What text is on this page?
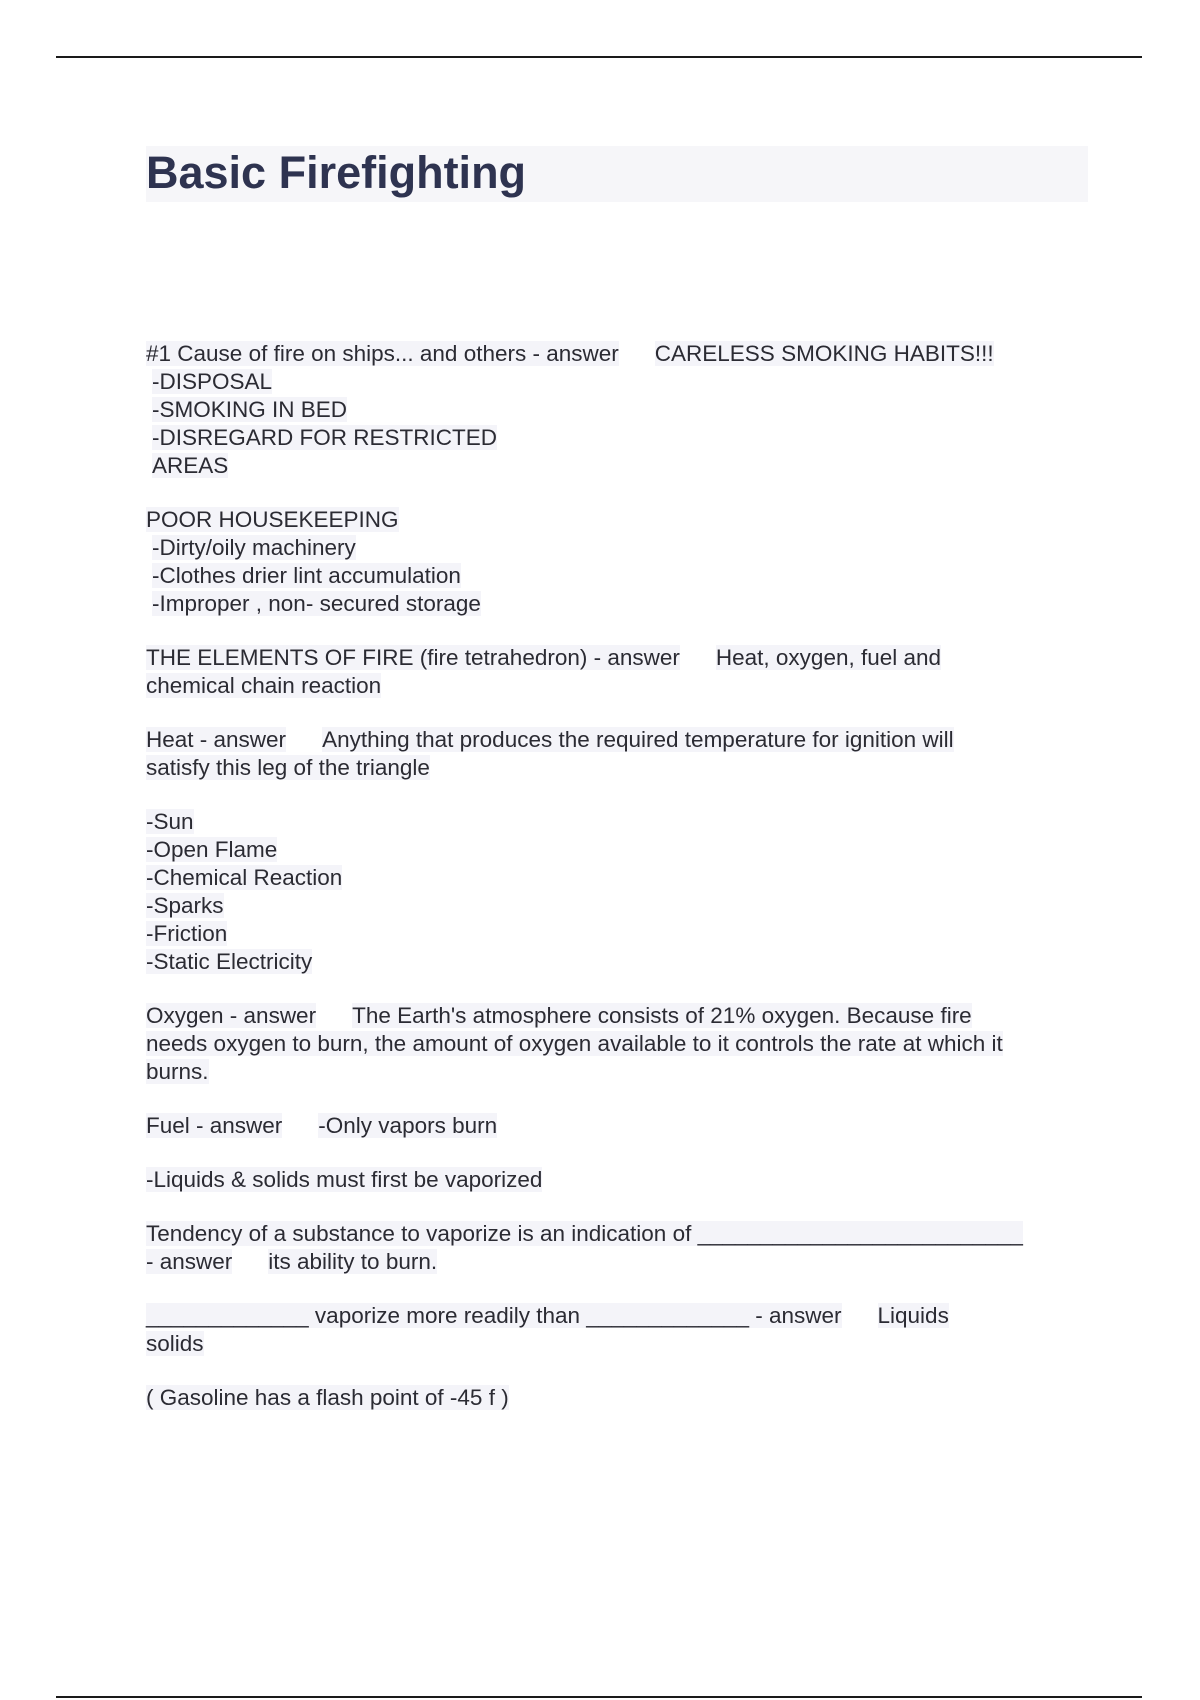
Basic Firefighting
#1 Cause of fire on ships... and others - answer CARELESS SMOKING HABITS!!!
-DISPOSAL
-SMOKING IN BED
-DISREGARD FOR RESTRICTED
AREAS
POOR HOUSEKEEPING
-Dirty/oily machinery
-Clothes drier lint accumulation
-Improper , non- secured storage
THE ELEMENTS OF FIRE (fire tetrahedron) - answer Heat, oxygen, fuel and
chemical chain reaction
Heat - answer Anything that produces the required temperature for ignition will
satisfy this leg of the triangle
-Sun
-Open Flame
-Chemical Reaction
-Sparks
-Friction
-Static Electricity
Oxygen - answer The Earth's atmosphere consists of 21% oxygen. Because fire
needs oxygen to burn, the amount of oxygen available to it controls the rate at which it
burns.
Fuel - answer -Only vapors burn
-Liquids & solids must first be vaporized
Tendency of a substance to vaporize is an indication of __________________________
- answer its ability to burn.
_____________ vaporize more readily than _____________ - answer Liquids
solids
( Gasoline has a flash point of -45 f )
